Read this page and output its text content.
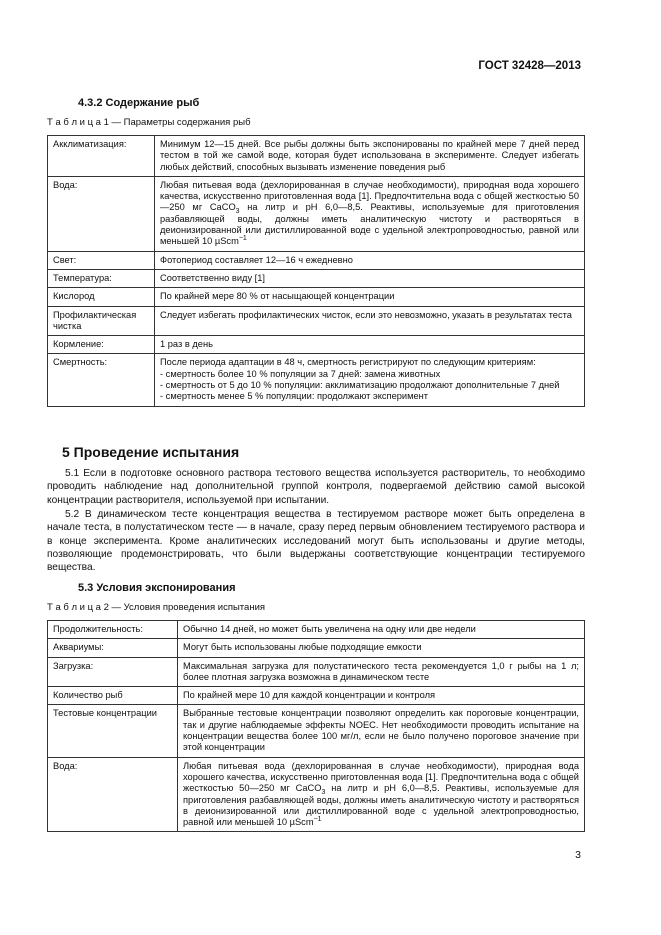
ГОСТ 32428—2013
4.3.2 Содержание рыб
Т а б л и ц а 1 — Параметры содержания рыб
Акклиматизация:	Минимум 12—15 дней. Все рыбы должны быть экспонированы по крайней мере 7 дней перед тестом в той же самой воде, которая будет использована в эксперименте. Следует избегать любых действий, способных вызывать изменение поведения рыб
Вода:	Любая питьевая вода (дехлорированная в случае необходимости), природная вода хорошего качества, искусственно приготовленная вода [1]. Предпочтительна вода с общей жесткостью 50—250 мг CaCO$_3$ на литр и pH 6,0—8,5. Реактивы, используемые для приготовления разбавляющей воды, должны иметь аналитическую чистоту и растворяться в деионизированной или дистиллированной воде с удельной электропроводностью, равной или меньшей 10 µScm$^{-1}$
Свет:	Фотопериод составляет 12—16 ч ежедневно
Температура:	Соответственно виду [1]
Кислород	По крайней мере 80 % от насыщающей концентрации
Профилактическая чистка	Следует избегать профилактических чисток, если это невозможно, указать в результатах теста
Кормление:	1 раз в день
Смертность:	После периода адаптации в 48 ч, смертность регистрируют по следующим критериям:
- смертность более 10 % популяции за 7 дней: замена животных
- смертность от 5 до 10 % популяции: акклиматизацию продолжают дополнительные 7 дней
- смертность менее 5 % популяции: продолжают эксперимент
5 Проведение испытания

5.1 Если в подготовке основного раствора тестового вещества используется растворитель, то необходимо проводить наблюдение над дополнительной группой контроля, подвергаемой действию самой высокой концентрации растворителя, используемой при испытании.

5.2 В динамическом тесте концентрация вещества в тестируемом растворе может быть определена в начале теста, в полустатическом тесте — в начале, сразу перед первым обновлением тестируемого раствора и в конце эксперимента. Кроме аналитических исследований могут быть использованы и другие методы, позволяющие продемонстрировать, что были выдержаны соответствующие концентрации тестируемого вещества.

5.3 Условия экспонирования
Т а б л и ц а 2 — Условия проведения испытания
Продолжительность:	Обычно 14 дней, но может быть увеличена на одну или две недели
Аквариумы:	Могут быть использованы любые подходящие емкости
Загрузка:	Максимальная загрузка для полустатического теста рекомендуется 1,0 г рыбы на 1 л; более плотная загрузка возможна в динамическом тесте
Количество рыб	По крайней мере 10 для каждой концентрации и контроля
Тестовые концентрации	Выбранные тестовые концентрации позволяют определить как пороговые концентрации, так и другие наблюдаемые эффекты NOEC. Нет необходимости проводить испытание на концентрации вещества более 100 мг/л, если не было получено пороговое значение при этой концентрации
Вода:	Любая питьевая вода (дехлорированная в случае необходимости), природная вода хорошего качества, искусственно приготовленная вода [1]. Предпочтительна вода с общей жесткостью 50—250 мг CaCO$_3$ на литр и pH 6,0—8,5. Реактивы, используемые для приготовления разбавляющей воды, должны иметь аналитическую чистоту и растворяться в деионизированной или дистиллированной воде с удельной электропроводностью, равной или меньшей 10 µScm$^{-1}$
3
